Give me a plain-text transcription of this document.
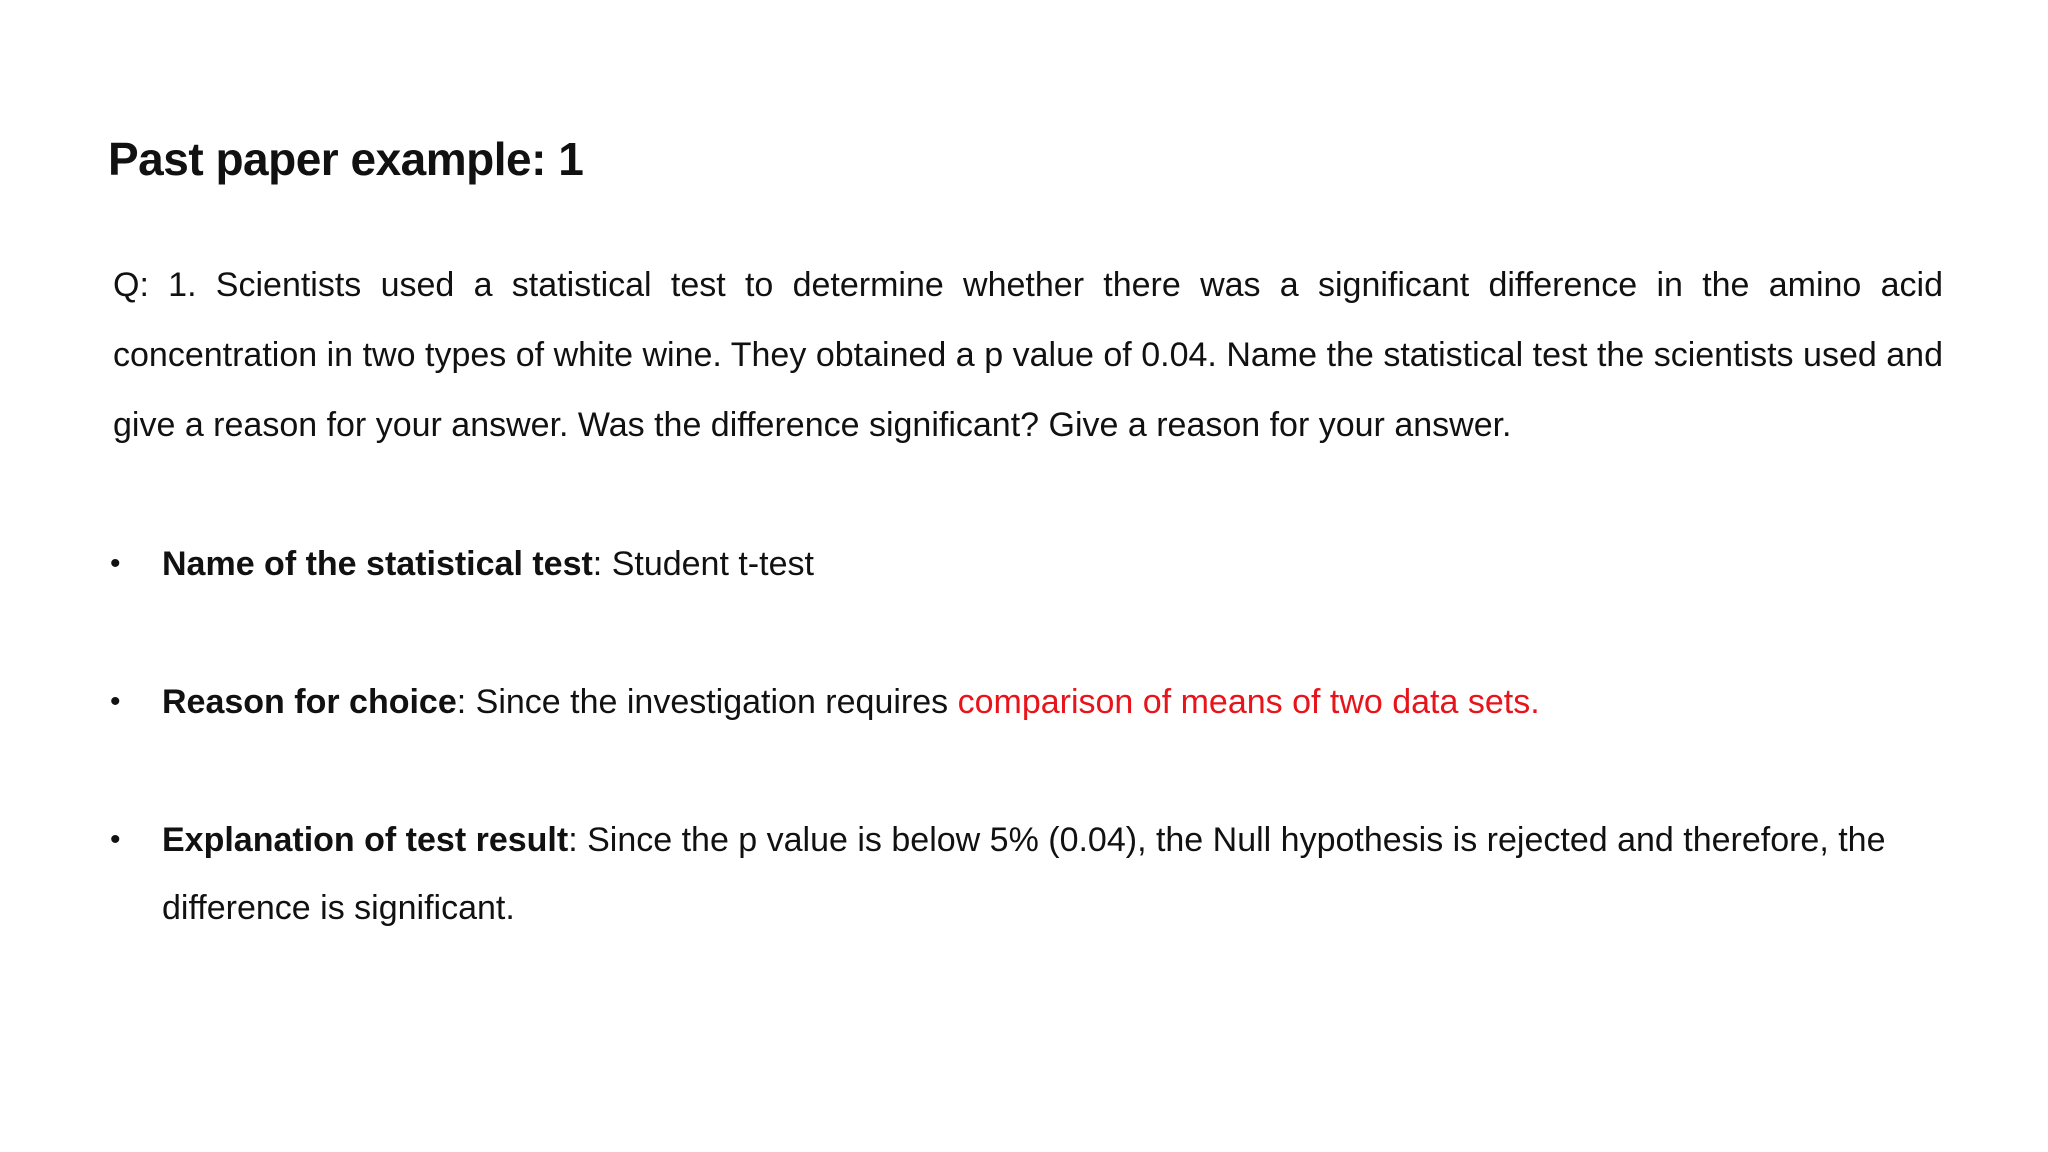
Past paper example: 1
Q: 1. Scientists used a statistical test to determine whether there was a significant difference in the amino acid concentration in two types of white wine. They obtained a p value of 0.04. Name the statistical test the scientists used and give a reason for your answer. Was the difference significant? Give a reason for your answer.
• Name of the statistical test: Student t-test
• Reason for choice: Since the investigation requires comparison of means of two data sets.
• Explanation of test result: Since the p value is below 5% (0.04), the Null hypothesis is rejected and therefore, the difference is significant.
